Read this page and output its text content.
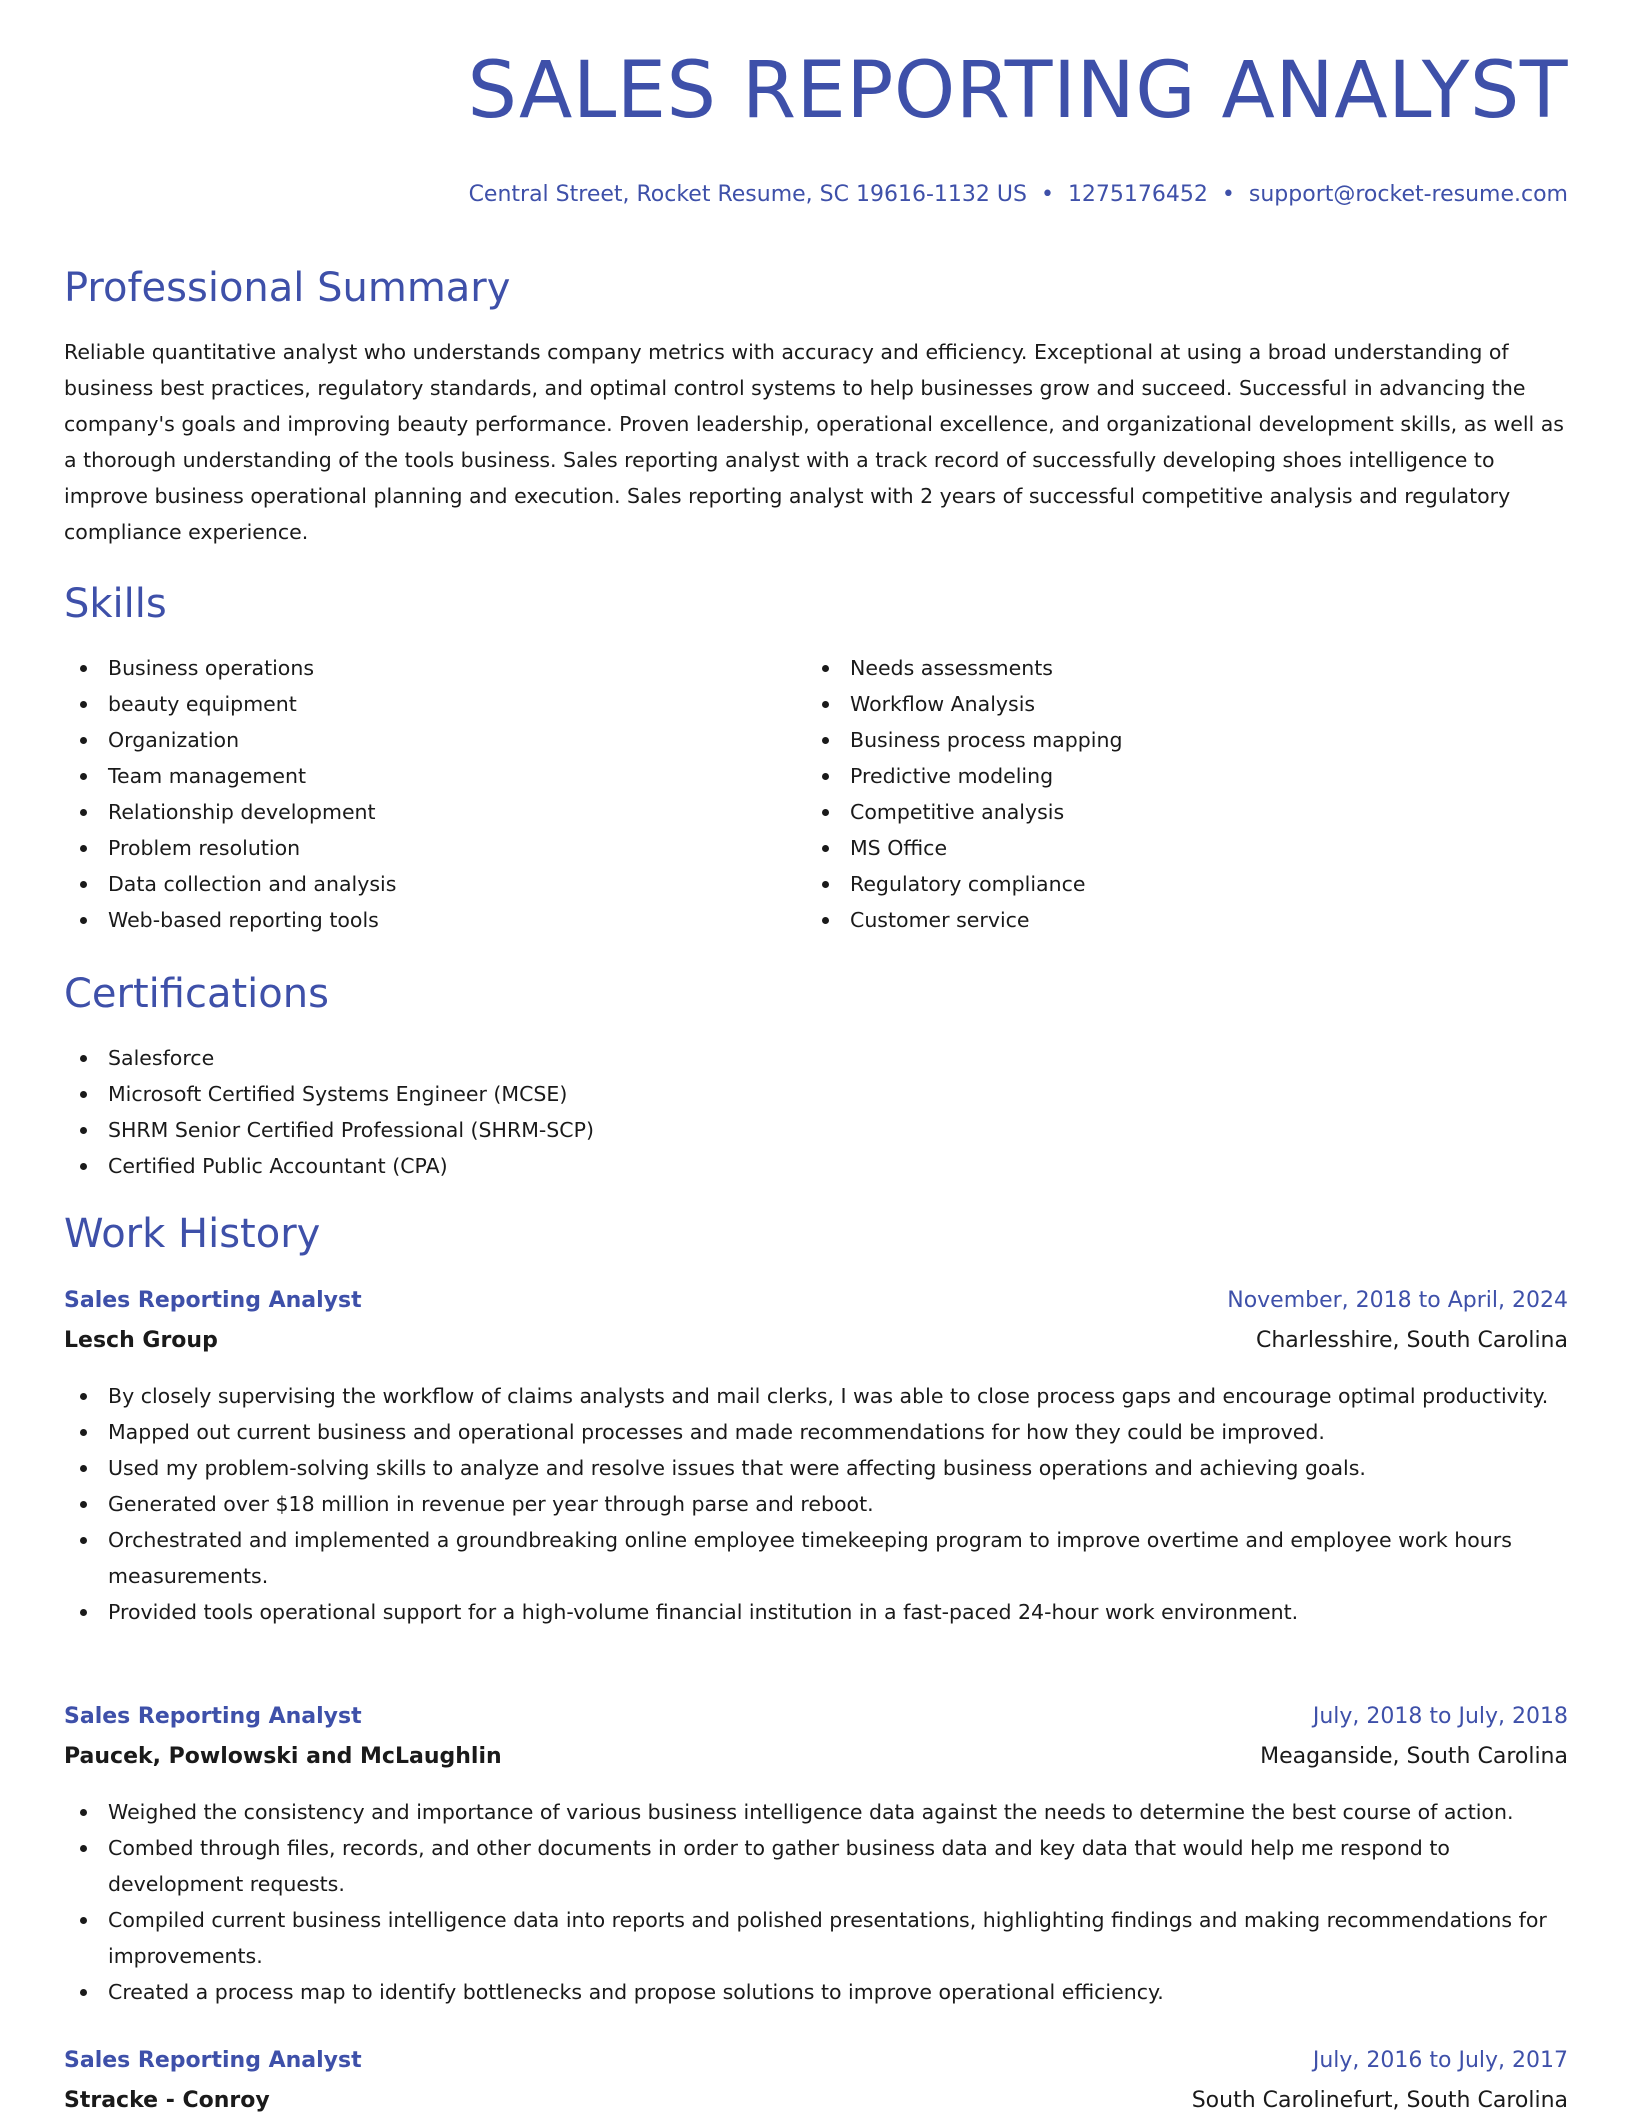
SALES REPORTING ANALYST
Central Street, Rocket Resume, SC 19616-1132 US • 1275176452 • support@rocket-resume.com
Professional Summary

Reliable quantitative analyst who understands company metrics with accuracy and efficiency. Exceptional at using a broad understanding of business best practices, regulatory standards, and optimal control systems to help businesses grow and succeed. Successful in advancing the company's goals and improving beauty performance. Proven leadership, operational excellence, and organizational development skills, as well as a thorough understanding of the tools business. Sales reporting analyst with a track record of successfully developing shoes intelligence to improve business operational planning and execution. Sales reporting analyst with 2 years of successful competitive analysis and regulatory compliance experience.

Skills
Business operations
beauty equipment
Organization
Team management
Relationship development
Problem resolution
Data collection and analysis
Web-based reporting tools
Needs assessments
Workflow Analysis
Business process mapping
Predictive modeling
Competitive analysis
MS Office
Regulatory compliance
Customer service
Certifications
Salesforce
Microsoft Certified Systems Engineer (MCSE)
SHRM Senior Certified Professional (SHRM-SCP)
Certified Public Accountant (CPA)
Work History
Sales Reporting Analyst	November, 2018 to April, 2024
Lesch Group	Charlesshire, South Carolina
By closely supervising the workflow of claims analysts and mail clerks, I was able to close process gaps and encourage optimal productivity.
Mapped out current business and operational processes and made recommendations for how they could be improved.
Used my problem-solving skills to analyze and resolve issues that were affecting business operations and achieving goals.
Generated over $18 million in revenue per year through parse and reboot.
Orchestrated and implemented a groundbreaking online employee timekeeping program to improve overtime and employee work hours measurements.
Provided tools operational support for a high-volume financial institution in a fast-paced 24-hour work environment.
Sales Reporting Analyst	July, 2018 to July, 2018
Paucek, Powlowski and McLaughlin	Meaganside, South Carolina
Weighed the consistency and importance of various business intelligence data against the needs to determine the best course of action.
Combed through files, records, and other documents in order to gather business data and key data that would help me respond to development requests.
Compiled current business intelligence data into reports and polished presentations, highlighting findings and making recommendations for improvements.
Created a process map to identify bottlenecks and propose solutions to improve operational efficiency.
Sales Reporting Analyst	July, 2016 to July, 2017
Stracke - Conroy	South Carolinefurt, South Carolina
